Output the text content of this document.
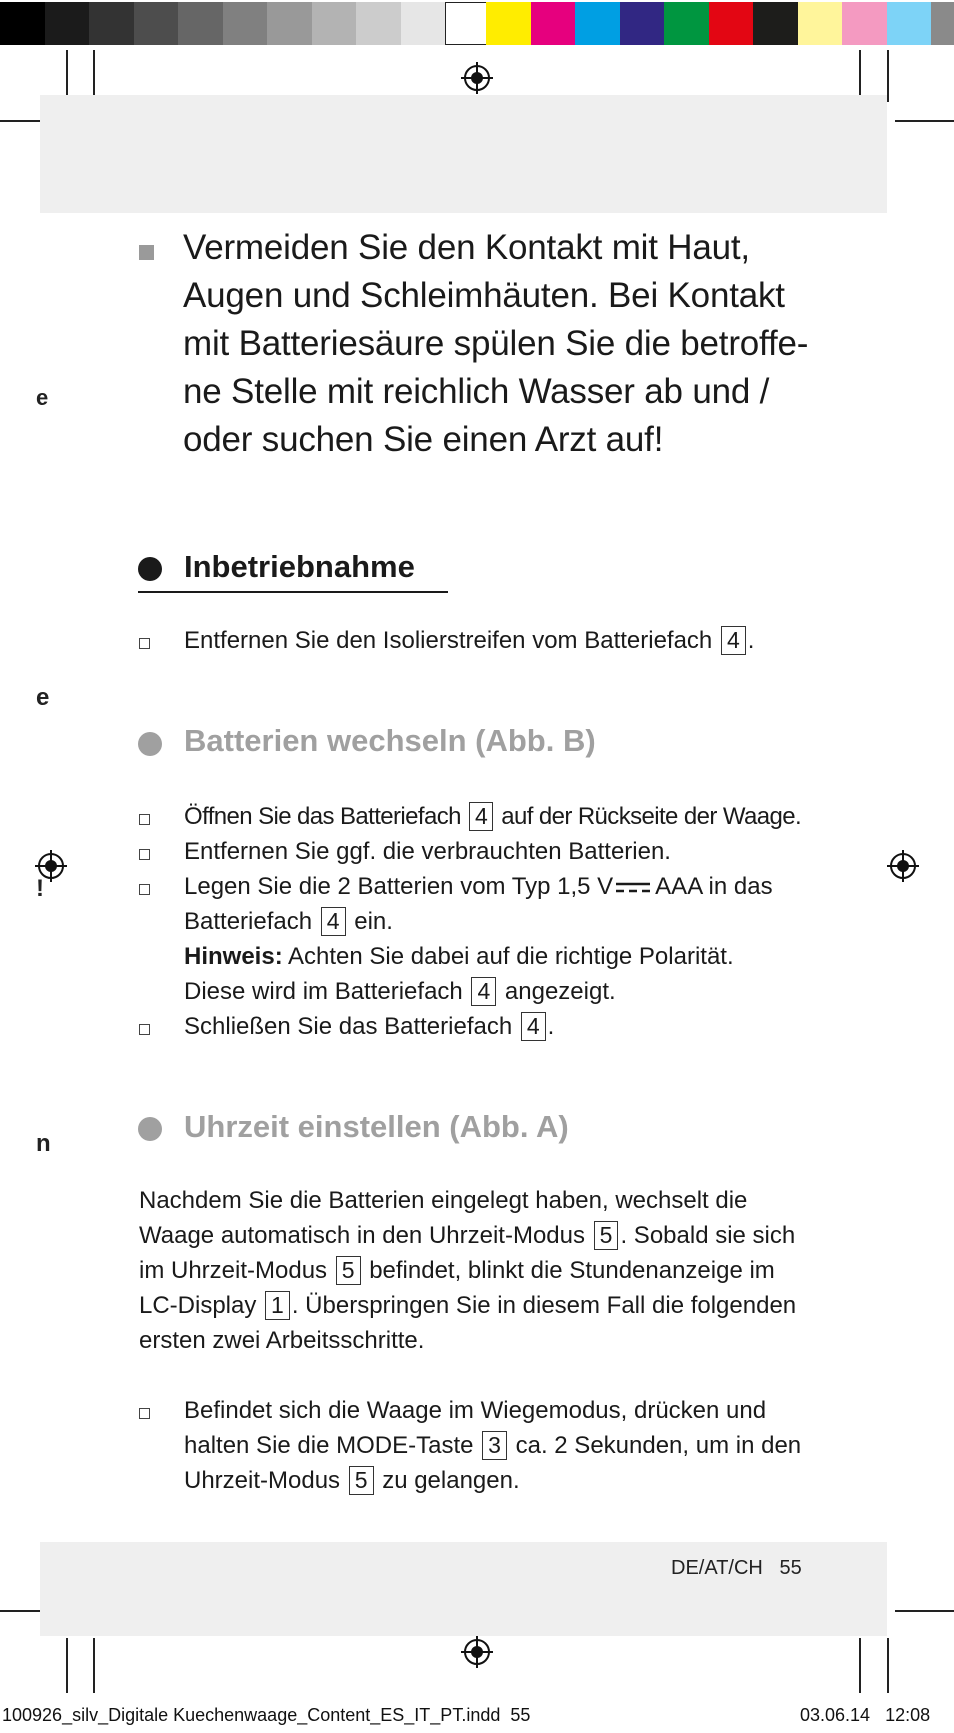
e
e
!
n
Vermeiden Sie den Kontakt mit Haut,
Augen und Schleimhäuten. Bei Kontakt
mit Batteriesäure spülen Sie die betroffe-
ne Stelle mit reichlich Wasser ab und /
oder suchen Sie einen Arzt auf!
Inbetriebnahme
Entfernen Sie den Isolierstreifen vom Batteriefach 4 .
Batterien wechseln (Abb. B)
Öffnen Sie das Batteriefach 4 auf der Rückseite der Waage.
Entfernen Sie ggf. die verbrauchten Batterien.
Legen Sie die 2 Batterien vom Typ 1,5 V AAA in das
Batteriefach 4 ein.
Hinweis: Achten Sie dabei auf die richtige Polarität.
Diese wird im Batteriefach 4 angezeigt.
Schließen Sie das Batteriefach 4 .
Uhrzeit einstellen (Abb. A)
Nachdem Sie die Batterien eingelegt haben, wechselt die
Waage automatisch in den Uhrzeit-Modus 5 . Sobald sie sich
im Uhrzeit-Modus 5 befindet, blinkt die Stundenanzeige im
LC-Display 1 . Überspringen Sie in diesem Fall die folgenden
ersten zwei Arbeitsschritte.
Befindet sich die Waage im Wiegemodus, drücken und
halten Sie die MODE-Taste 3 ca. 2 Sekunden, um in den
Uhrzeit-Modus 5 zu gelangen.
DE/AT/CH 55
100926_silv_Digitale Kuechenwaage_Content_ES_IT_PT.indd 55	03.06.14 12:08
